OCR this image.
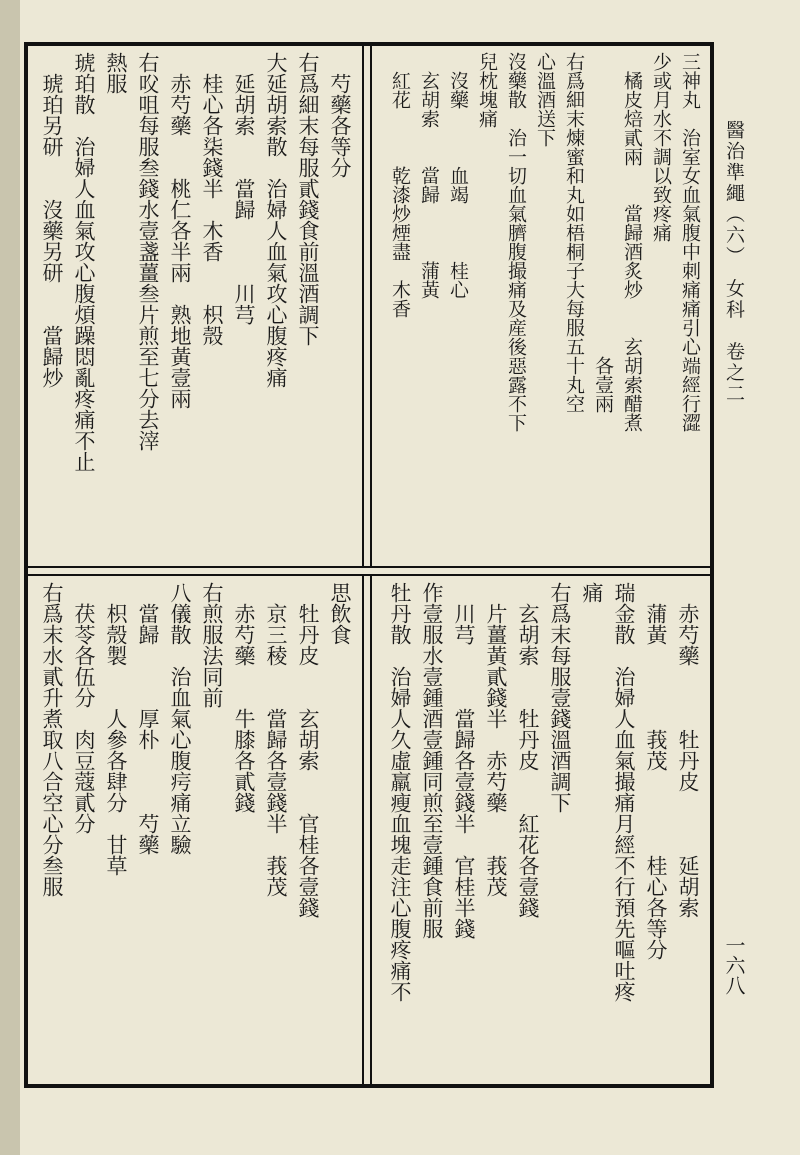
三神丸　治室女血氣腹中刺痛痛引心端經行澀
少或月水不調以致疼痛
　橘皮焙貳兩　　當歸酒炙炒　　玄胡索醋煮
　　　　　　　　　　　　　　　　各壹兩
右爲細末煉蜜和丸如梧桐子大每服五十丸空
心溫酒送下
沒藥散　治一切血氣臍腹撮痛及産後惡露不下
兒枕塊痛
　沒藥　　　血竭　　　桂心
　玄胡索　　當歸　　　蒲黃
　紅花　　　乾漆炒煙盡　木香
　芍藥各等分
右爲細末每服貳錢食前溫酒調下
大延胡索散　治婦人血氣攻心腹疼痛
　延胡索　　當歸　　　川芎
　桂心各柒錢半　木香　　枳殼
　赤芍藥　　桃仁各半兩　熟地黃壹兩
右㕮咀每服叁錢水壹盞薑叁片煎至七分去滓
熱服
琥珀散　治婦人血氣攻心腹煩躁悶亂疼痛不止
　琥珀另研　　沒藥另研　　當歸炒
　赤芍藥　　　牡丹皮　　　延胡索
　蒲黃　　　　莪茂　　　　桂心各等分
瑞金散　治婦人血氣撮痛月經不行預先嘔吐疼
痛
右爲末每服壹錢溫酒調下
　玄胡索　　牡丹皮　　紅花各壹錢
　片薑黃貳錢半　赤芍藥　　莪茂
　川芎　　　當歸各壹錢半　官桂半錢
作壹服水壹鍾酒壹鍾同煎至壹鍾食前服
牡丹散　治婦人久虛羸瘦血塊走注心腹疼痛不
思飲食
　牡丹皮　　玄胡索　　官桂各壹錢
　京三稜　　當歸各壹錢半　莪茂
　赤芍藥　　牛膝各貳錢
右煎服法同前
八儀散　治血氣心腹疞痛立驗
　當歸　　　厚朴　　　芍藥
　枳殼製　　人參各肆分　甘草
　茯苓各伍分　肉豆蔻貳分
右爲末水貳升煮取八合空心分叁服
醫治準繩（六）　女科　卷之二
一六八
